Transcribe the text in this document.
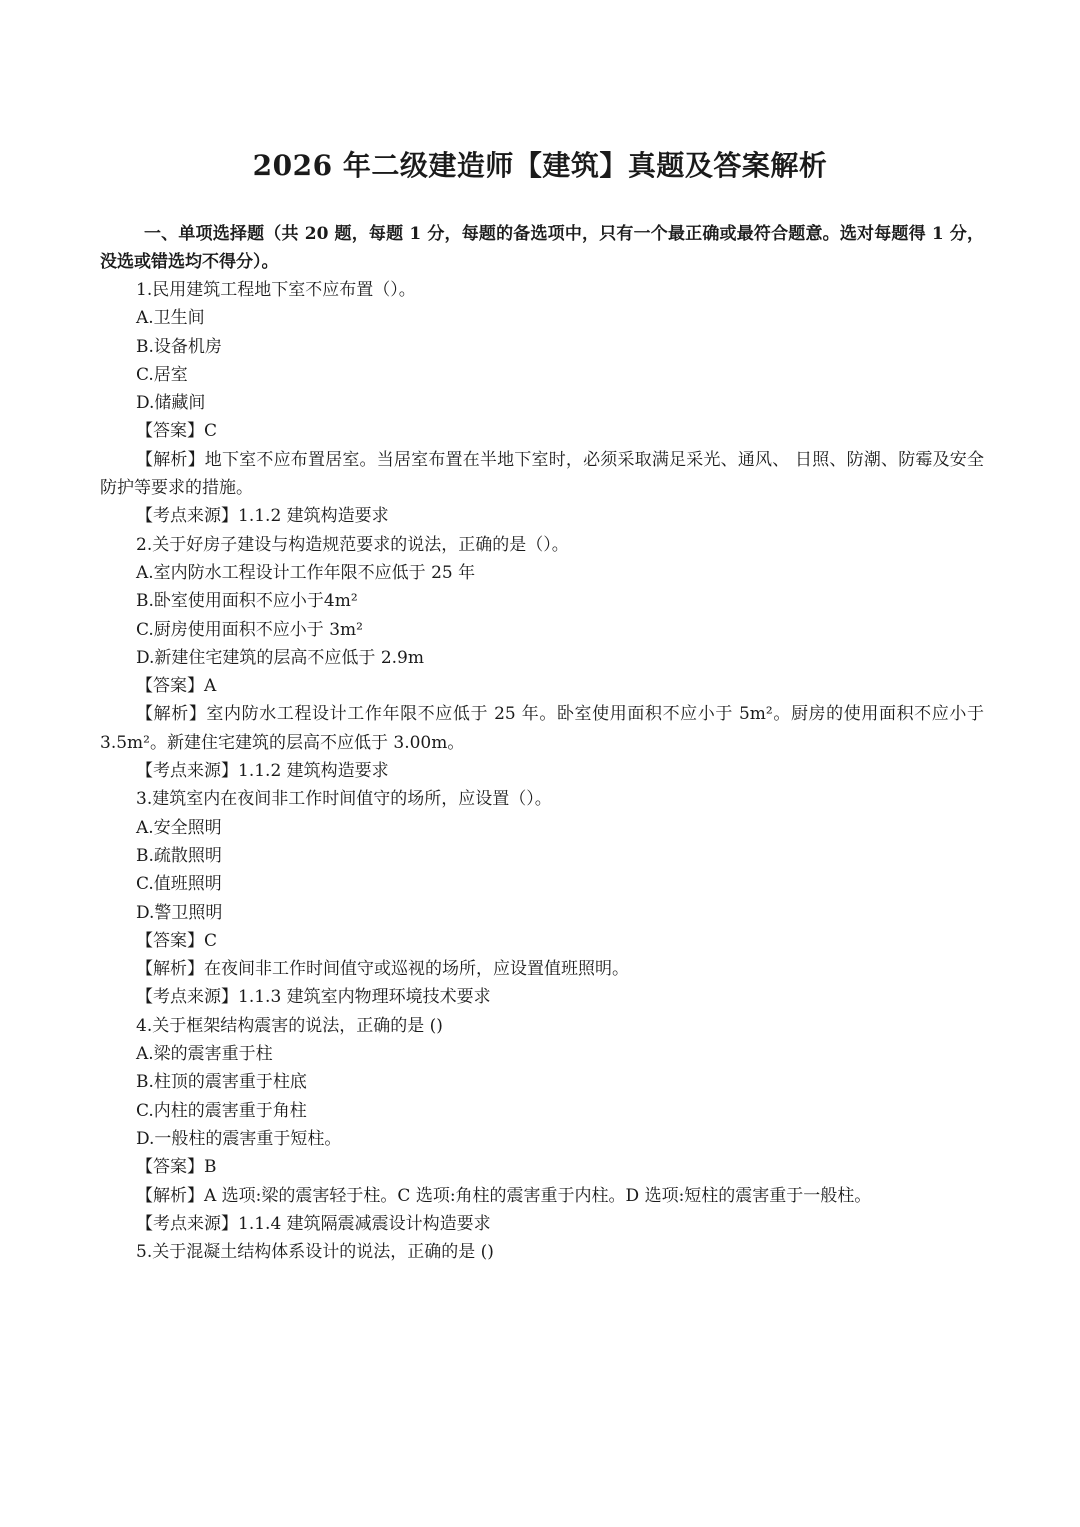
2026 年二级建造师【建筑】真题及答案解析

一、单项选择题（共 20 题，每题 1 分，每题的备选项中，只有一个最正确或最符合题意。选对每题得 1 分，没选或错选均不得分）。

1.民用建筑工程地下室不应布置（）。

A.卫生间

B.设备机房

C.居室

D.储藏间

【答案】C

【解析】地下室不应布置居室。当居室布置在半地下室时，必须采取满足采光、通风、 日照、防潮、防霉及安全防护等要求的措施。

【考点来源】1.1.2 建筑构造要求

2.关于好房子建设与构造规范要求的说法，正确的是（）。

A.室内防水工程设计工作年限不应低于 25 年

B.卧室使用面积不应小于4m²

C.厨房使用面积不应小于 3m²

D.新建住宅建筑的层高不应低于 2.9m

【答案】A

【解析】室内防水工程设计工作年限不应低于 25 年。卧室使用面积不应小于 5m²。厨房的使用面积不应小于 3.5m²。新建住宅建筑的层高不应低于 3.00m。

【考点来源】1.1.2 建筑构造要求

3.建筑室内在夜间非工作时间值守的场所，应设置（）。

A.安全照明

B.疏散照明

C.值班照明

D.警卫照明

【答案】C

【解析】在夜间非工作时间值守或巡视的场所，应设置值班照明。

【考点来源】1.1.3 建筑室内物理环境技术要求

4.关于框架结构震害的说法，正确的是 ()

A.梁的震害重于柱

B.柱顶的震害重于柱底

C.内柱的震害重于角柱

D.一般柱的震害重于短柱。

【答案】B

【解析】A 选项:梁的震害轻于柱。C 选项:角柱的震害重于内柱。D 选项:短柱的震害重于一般柱。

【考点来源】1.1.4 建筑隔震减震设计构造要求

5.关于混凝土结构体系设计的说法，正确的是 ()
